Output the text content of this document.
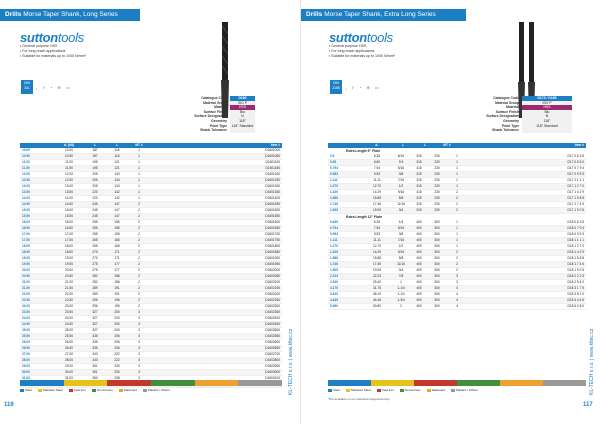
Drills Morse Taper Shank, Long Series
suttontools
• General purpose HSS
• For long reach applications
• Suitable for materials up to 1000 N/mm²
DIN
341	⌞ ⫽ ◔ ⊕ ▭
Catalogue Code	D160
Material Group	ISO P
Material	HSS
Surface Finish	Blu
Surface Designation	N
Geometry	118°
Point Type	118° Standard
Shank Tolerance
Size (mm)	d₁ (h8)	l₁	l₂	MT #	Item #
10.00	10.00	187	116	1	D1601000
10.50	10.50	187	116	1	D1601050
11.00	11.00	195	121	1	D1601100
11.50	11.50	195	121	1	D1601150
12.00	12.00	205	134	1	D1601200
12.50	12.50	205	134	1	D1601250
13.00	13.00	205	134	1	D1601300
13.50	13.50	220	142	1	D1601350
14.00	14.00	220	142	1	D1601400
14.50	14.50	245	147	2	D1601450
15.00	15.00	245	147	2	D1601500
15.50	15.50	245	147	2	D1601550
16.00	16.00	255	155	2	D1601600
16.50	16.50	255	155	2	D1601650
17.00	17.00	255	155	2	D1601700
17.50	17.50	265	165	2	D1601750
18.00	18.00	265	165	2	D1601800
18.50	18.50	270	171	2	D1601850
19.00	19.00	270	171	2	D1601900
19.50	19.50	275	177	2	D1601950
20.00	20.00	275	177	2	D1602000
20.50	20.50	282	186	2	D1602050
21.00	21.00	282	186	2	D1602100
21.50	21.50	289	191	2	D1602150
22.00	22.00	289	191	2	D1602200
22.50	22.50	296	196	2	D1602250
23.00	23.00	296	196	2	D1602300
23.50	23.50	327	200	3	D1602350
24.00	24.00	327	200	3	D1602400
24.50	24.50	327	200	3	D1602450
25.00	25.00	327	200	3	D1602500
25.50	25.50	335	206	3	D1602550
26.00	26.00	335	206	3	D1602600
26.50	26.50	335	206	3	D1602650
27.00	27.00	343	222	3	D1602700
28.00	28.00	343	222	3	D1602800
29.00	29.00	351	230	3	D1602900
30.00	30.00	351	230	3	D1603000
31.00	31.00	360	238	3	D1603100
Steel	Stainless Steel	Cast Iron	Non-ferrous	Hardened	Plastics / Others	KL-TECH s.r.o. | www.kltec.cz
116
Drills Morse Taper Shank, Extra Long Series
suttontools
• General purpose HSS
• For long reach applications
• Suitable for materials up to 1000 N/mm²
DIN
2186	⌞ ⫽ ◔ ⊕ ▭
Catalogue Code	D170 / D180
Material Group	ISO P
Material	HSS
Surface Finish	Blu
Surface Designation	N
Geometry	118°
Point Type	118° Standard
Shank Tolerance
Size (mm)	d₁	l₁	l₂	MT #	Item #
Extra Length 9" Flute
0.6	6.35	8/16	315	230	1	D17 0 6 3 5
0.65	6.50	9.5	315	230	1	D17 0 6 5 0
0.794	7.94	5/16	315	230	1	D17 0 7 9 4
0.953	9.53	3/8	315	230	1	D17 0 9 5 3
1.111	11.11	7/16	315	230	1	D17 1 1 1 1
1.270	12.70	1/2	315	230	1	D17 1 2 7 0
1.429	14.29	9/16	315	230	2	D17 1 4 2 9
1.588	15.88	5/8	315	230	2	D17 1 5 8 8
1.746	17.46	11/16	315	230	2	D17 1 7 4 6
1.905	19.05	3/4	315	230	2	D17 1 9 0 5
Extra Length 12" Flute
0.635	6.35	1/4	400	300	1	D18 0 6 3 5
0.794	7.94	5/16	400	300	1	D18 0 7 9 4
0.953	9.53	3/8	400	300	1	D18 0 9 5 3
1.111	11.11	7/16	400	300	1	D18 1 1 1 1
1.270	12.70	1/2	400	300	1	D18 1 2 7 0
1.429	14.29	9/16	400	300	2	D18 1 4 2 9
1.588	15.88	5/8	400	300	2	D18 1 5 8 8
1.746	17.46	11/16	400	300	2	D18 1 7 4 6
1.905	19.05	3/4	400	300	2	D18 1 9 0 5
2.223	22.23	7/8	400	300	3	D18 2 2 2 3
2.540	25.40	1	400	300	3	D18 2 5 4 0
3.175	31.75	1-1/4	400	300	4	D18 3 1 7 5
3.810	38.10	1-1/2	400	300	4	D18 3 8 1 0
4.445	44.45	1-3/4	400	300	4	D18 4 4 4 5
5.080	50.80	2	400	300	4	D18 5 0 8 0
Steel	Stainless Steel	Cast Iron	Non-ferrous	Hardened	Plastics / Others
*Not available on our standard range/inventory
KL-TECH s.r.o. | www.kltec.cz
117
